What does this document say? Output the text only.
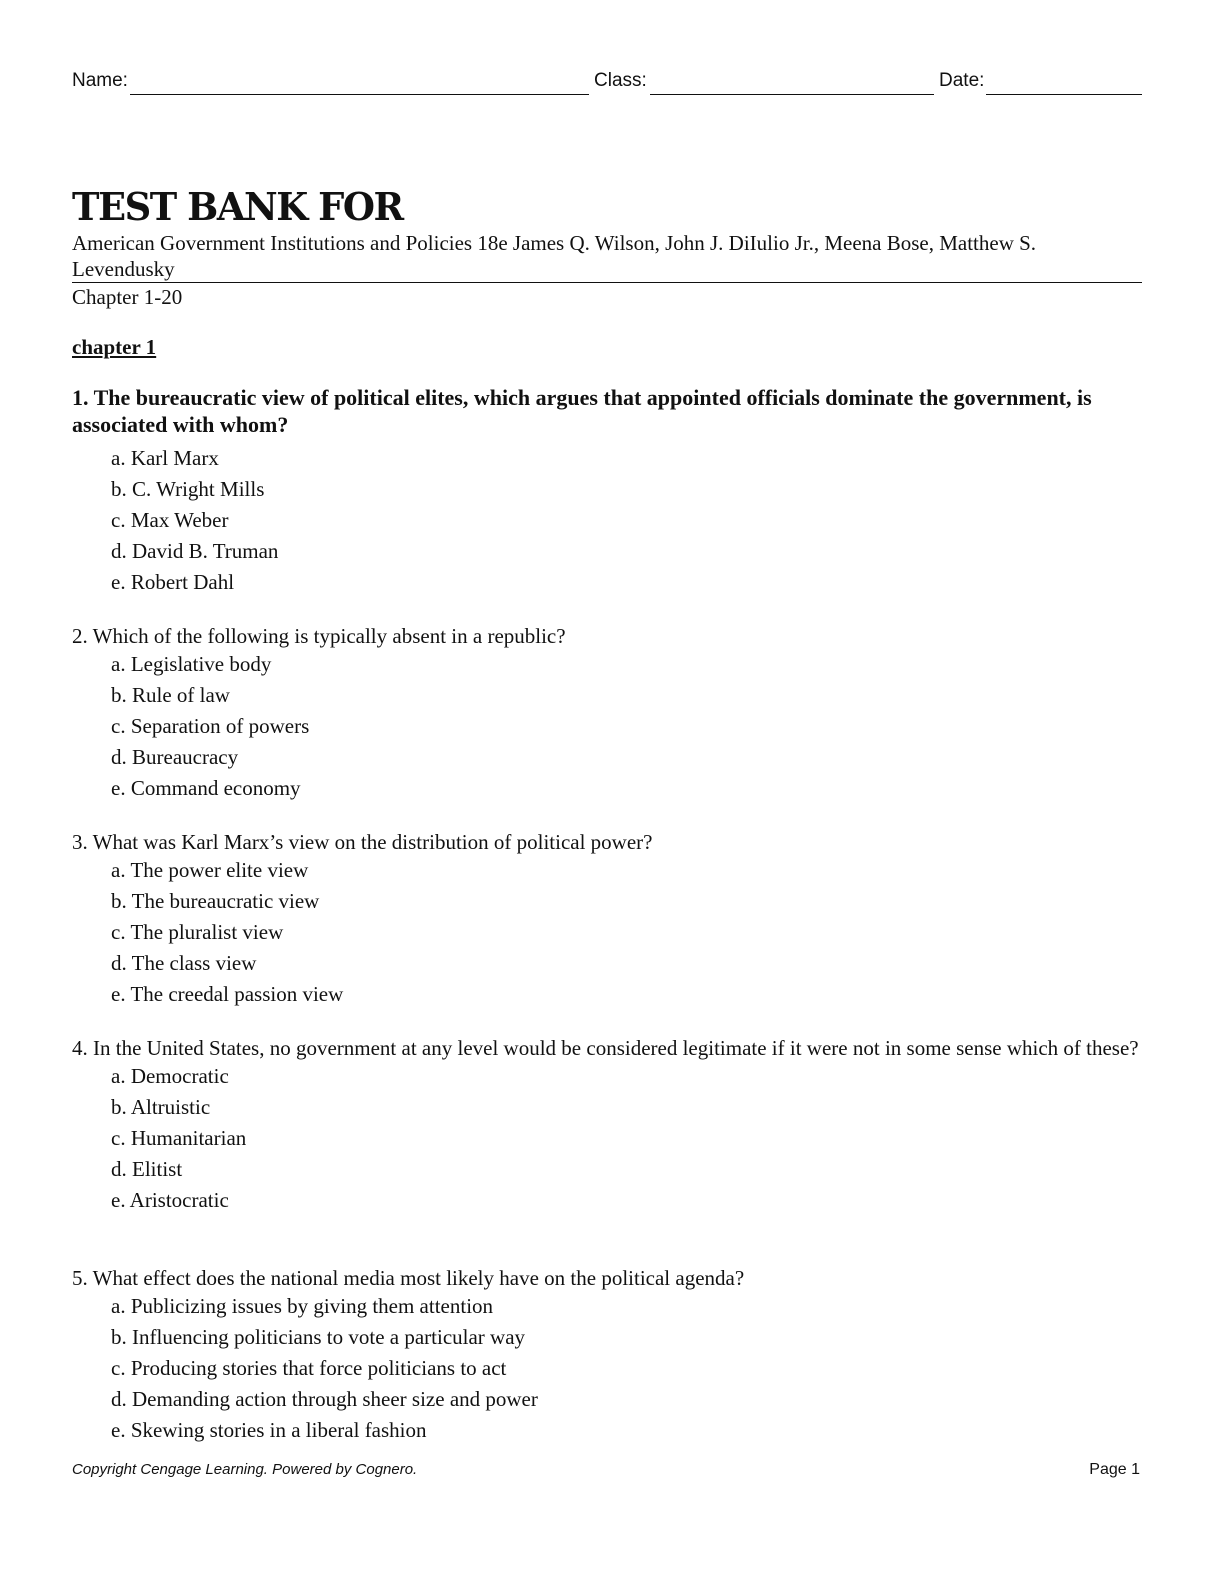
Name:	Class:	Date:
TEST BANK FOR
American Government Institutions and Policies 18e James Q. Wilson, John J. DiIulio Jr., Meena Bose, Matthew S. Levendusky
Chapter 1-20
chapter 1
1. The bureaucratic view of political elites, which argues that appointed officials dominate the government, is associated with whom?
a. Karl Marx
b. C. Wright Mills
c. Max Weber
d. David B. Truman
e. Robert Dahl
2. Which of the following is typically absent in a republic?
a. Legislative body
b. Rule of law
c. Separation of powers
d. Bureaucracy
e. Command economy
3. What was Karl Marx’s view on the distribution of political power?
a. The power elite view
b. The bureaucratic view
c. The pluralist view
d. The class view
e. The creedal passion view
4. In the United States, no government at any level would be considered legitimate if it were not in some sense which of these?
a. Democratic
b. Altruistic
c. Humanitarian
d. Elitist
e. Aristocratic
5. What effect does the national media most likely have on the political agenda?
a. Publicizing issues by giving them attention
b. Influencing politicians to vote a particular way
c. Producing stories that force politicians to act
d. Demanding action through sheer size and power
e. Skewing stories in a liberal fashion
Copyright Cengage Learning. Powered by Cognero.	Page 1
